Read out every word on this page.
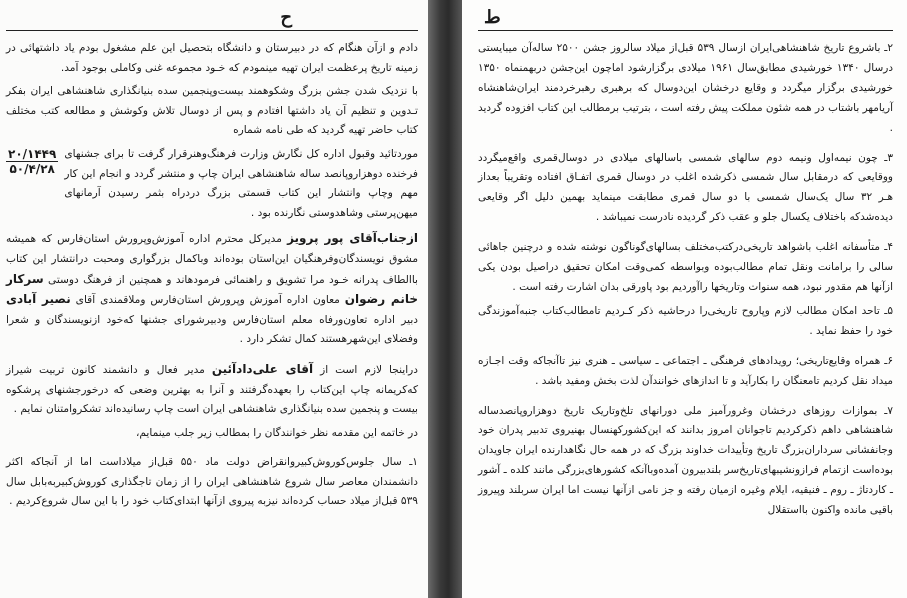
ح

دادم و ازآن هنگام که در دبیرستان و دانشگاه بتحصیل این علم مشغول بودم یاد داشتهائی در زمینه تاریخ پرعظمت ایران تهیه مینمودم که خـود مجموعه غنی وکاملی بوجود آمد.

با نزدیک شدن جشن بزرگ وشکوهمند بیست‌وپنجمین سده بنیانگذاری شاهنشاهی ایران بفکر تـدوین و تنظیم آن یاد داشتها افتادم و پس از دوسال تلاش وکوشش و مطالعه کتب مختلف کتاب حاضر تهیه گردید که طی نامه شماره

$\frac{۲۰/۱۴۴۹}{۵۰/۴/۲۸}$ موردتائید وقبول اداره کل نگارش وزارت فرهنگ‌وهنرقرار گرفت تا برای جشنهای فرخنده دوهزاروپانصد ساله شاهنشاهی ایران چاپ و منتشر گردد و انجام این کار مهم وچاپ وانتشار این کتاب قسمتی بزرگ دردراه بثمر رسیدن آرمانهای میهن‌پرستی وشاهدوستی نگارنده بود .

ازجناب‌آقای پور پرویز مدیرکل محترم اداره آموزش‌وپرورش استان‌فارس که همیشه مشوق نویسندگان‌وفرهنگیان این‌استان بوده‌اند وباکمال بزرگواری ومحبت درانتشار این کتاب باالطاف پدرانه خـود مرا تشویق و راهنمائی فرمودهاند و همچنین از فرهنگ دوستی سرکار خانم رضوان معاون اداره آموزش وپرورش استان‌فارس وملاقمندی آقای نصیر آبادی دبیر اداره تعاون‌ورفاه معلم استان‌فارس ودبیرشورای جشنها که‌خود ازنویسندگان و شعرا وفضلای این‌شهرهستند کمال تشکر دارد .

دراینجا لازم است از آقای علی‌دادآئین مدیر فعال و دانشمند کانون تربیت شیراز که‌کریمانه چاپ این‌کتاب را بعهده‌گرفتند و آنرا به بهترین وضعی که درخورجشنهای پرشکوه بیست و پنجمین سده بنیانگذاری شاهنشاهی ایران است چاپ رسانیده‌اند تشکروامتنان نمایم .

در خاتمه این مقدمه نظر خوانندگان را بمطالب زیر جلب مینمایم،

۱ـ سال جلوس‌کوروش‌کبیروانقراض دولت ماد ۵۵۰ قبل‌از میلاداست اما از آنجاکه اکثر دانشمندان معاصر سال شروع شاهنشاهی ایران را از زمان تاجگذاری کوروش‌کبیربه‌بابل سال ۵۳۹ قبل‌از میلاد حساب کرده‌اند نیزبه پیروی ازآنها ابتدای‌کتاب خود را با این سال شروع‌کردیم .

ط

۲ـ باشروع تاریخ شاهنشاهی‌ایران ازسال ۵۳۹ قبل‌از میلاد سالروز جشن ۲۵۰۰ ساله‌آن میبایستی درسال ۱۳۴۰ خورشیدی مطابق‌سال ۱۹۶۱ میلادی برگزارشود اماچون این‌جشن دربهمنماه ۱۳۵۰ خورشیدی برگزار میگردد و وقایع درخشان این‌دوسال که برهبری رهبرخردمند ایران‌شاهنشاه آریامهر باشتاب در همه شئون مملکت پیش رفته است ، بترتیب برمطالب این کتاب افزوده گردید .

۳ـ چون نیمه‌اول ونیمه دوم سالهای شمسی باسالهای میلادی در دوسال‌قمری واقع‌میگردد ووقایعی که درمقابل سال شمسی ذکرشده اغلب در دوسال قمری اتفـاق افتاده وتقریباً بعداز هـر ۳۲ سال یک‌سال شمسی با دو سال قمری مطابقت مینماید بهمین دلیل اگر وقایعی دیده‌شدکه باختلاف یکسال جلو و عقب ذکر گردیده نادرست نمیباشد .

۴ـ متأسفانه اغلب باشواهد تاریخی‌درکتب‌مختلف بسالهای‌گوناگون نوشته شده و درچنین جاهائی سالی را برامانت ونقل تمام مطالب‌بوده وبواسطه کمی‌وقت امکان تحقیق دراصیل بودن یکی ازآنها هم مقدور نبود، همه سنوات وتاریخها راآوردیم بود پاورقی بدان اشارت رفته است .

۵ـ تاحد امکان مطالب لازم وپاروح تاریخی‌را درحاشیه ذکر کـردیم تامطالب‌کتاب جنبه‌آموزندگی خود را حفظ نماید .

۶ـ همراه وقایع‌تاریخی؛ رویدادهای فرهنگی ـ اجتماعی ـ سیاسی ـ هنری نیز تاآنجاکه وقت اجـازه میداد نقل کردیم تامعنگان را بکارآید و تا اندازهای خوانندآن لذت بخش ومفید باشد .

۷ـ بموازات روزهای درخشان وغرورآمیز ملی دورانهای تلخ‌وتاریک تاریخ دوهزاروپانصدساله شاهنشاهی داهم ذکرکردیم تاجوانان امروز بدانند که این‌کشورکهنسال بهنیروی تدبیر پدران خود وجانفشانی سرداران‌بزرگ تاریخ وتأییدات خداوند بزرگ که در همه حال نگاهدارنده ایران جاویدان بوده‌است ازتمام فرازونشیبهای‌تاریخ‌سر بلندبیرون آمده‌وباآنکه کشورهای‌بزرگی مانند کلده ـ آشور ـ کاردتاژ ـ روم ـ فنیقیه، ایلام وغیره ازمیان رفته و جز نامی ازآنها نیست اما ایران سربلند وپیروز باقیی مانده واکنون بااستقلال
